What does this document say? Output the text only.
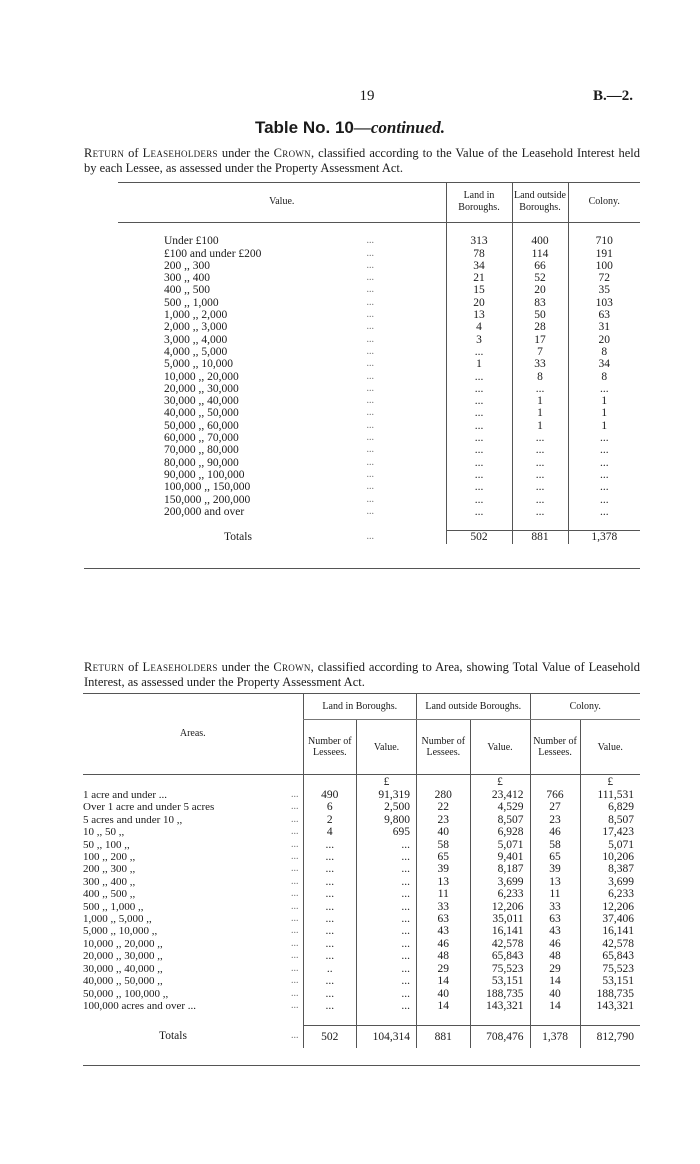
19	B.—2.
Table No. 10—continued.
Return of Leaseholders under the Crown, classified according to the Value of the Leasehold Interest held by each Lessee, as assessed under the Property Assessment Act.
Value.			Land in Boroughs.	Land outside Boroughs.	Colony.

Under £100	...		313	400	710
£100 and under £200	...		78	114	191
200 ,, 300	...		34	66	100
300 ,, 400	...		21	52	72
400 ,, 500	...		15	20	35
500 ,, 1,000	...		20	83	103
1,000 ,, 2,000	...		13	50	63
2,000 ,, 3,000	...		4	28	31
3,000 ,, 4,000	...		3	17	20
4,000 ,, 5,000	...		...	7	8
5,000 ,, 10,000	...		1	33	34
10,000 ,, 20,000	...		...	8	8
20,000 ,, 30,000	...		...	...	...
30,000 ,, 40,000	...		...	1	1
40,000 ,, 50,000	...		...	1	1
50,000 ,, 60,000	...		...	1	1
60,000 ,, 70,000	...		...	...	...
70,000 ,, 80,000	...		...	...	...
80,000 ,, 90,000	...		...	...	...
90,000 ,, 100,000	...		...	...	...
100,000 ,, 150,000	...		...	...	...
150,000 ,, 200,000	...		...	...	...
200,000 and over	...		...	...	...

Totals	...		502	881	1,378
Return of Leaseholders under the Crown, classified according to Area, showing Total Value of Leasehold Interest, as assessed under the Property Assessment Act.
Areas.		Land in Boroughs.		Land outside Boroughs.		Colony.	
		Number of Lessees.	Value.	Number of Lessees.	Value.	Number of Lessees.	Value.
			£		£		£
1 acre and under ...	...	490	91,319	280	23,412	766	111,531
Over 1 acre and under 5 acres	...	6	2,500	22	4,529	27	6,829
5 acres and under 10 ,,	...	2	9,800	23	8,507	23	8,507
10 ,, 50 ,,	...	4	695	40	6,928	46	17,423
50 ,, 100 ,,	...	...	...	58	5,071	58	5,071
100 ,, 200 ,,	...	...	...	65	9,401	65	10,206
200 ,, 300 ,,	...	...	...	39	8,187	39	8,387
300 ,, 400 ,,	...	...	...	13	3,699	13	3,699
400 ,, 500 ,,	...	...	...	11	6,233	11	6,233
500 ,, 1,000 ,,	...	...	...	33	12,206	33	12,206
1,000 ,, 5,000 ,,	...	...	...	63	35,011	63	37,406
5,000 ,, 10,000 ,,	...	...	...	43	16,141	43	16,141
10,000 ,, 20,000 ,,	...	...	...	46	42,578	46	42,578
20,000 ,, 30,000 ,,	...	...	...	48	65,843	48	65,843
30,000 ,, 40,000 ,,	...	..	...	29	75,523	29	75,523
40,000 ,, 50,000 ,,	...	...	...	14	53,151	14	53,151
50,000 ,, 100,000 ,,	...	...	...	40	188,735	40	188,735
100,000 acres and over ...	...	...	...	14	143,321	14	143,321

Totals	...	502	104,314	881	708,476	1,378	812,790
